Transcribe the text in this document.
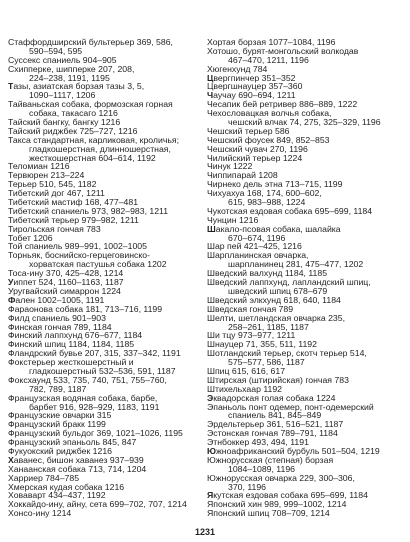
Стаффордширский бультерьер 369, 586,
590–594, 595
Суссекс спаниель 904–905
Схипперке, шипперке 207, 208,
224–238, 1191, 1195
Тазы, азиатская борзая тазы 3, 5,
1090–1117, 1206
Тайваньская собака, формозская горная
собака, такасаго 1216
Тайский бангку, бангку 1216
Тайский риджбек 725–727, 1216
Такса стандартная, карликовая, кроличья;
гладкошерстная, длинношерстная,
жесткошерстная 604–614, 1192
Теломиан 1216
Тервюрен 213–224
Терьер 510, 545, 1182
Тибетский дог 467, 1211
Тибетский мастиф 168, 477–481
Тибетский спаниель 973, 982–983, 1211
Тибетский терьер 979–982, 1211
Тирольская гончая 783
Тобет 1206
Той спаниель 989–991, 1002–1005
Торньяк, боснийско-герцеговинско-
хорватская пастушья собака 1202
Тоса-ину 370, 425–428, 1214
Уиппет 524, 1160–1163, 1187
Уругвайский симаррон 1224
Фален 1002–1005, 1191
Фараонова собака 181, 713–716, 1199
Филд спаниель 901–903
Финская гончая 789, 1184
Финский лаппхунд 676–677, 1184
Финский шпиц 1184, 1184, 1185
Фландрский бувье 207, 315, 337–342, 1191
Фокстерьер жесткошерстный и
гладкошерстный 532–536, 591, 1187
Фоксхаунд 533, 735, 740, 751, 755–760,
782, 789, 1187
Французская водяная собака, барбе,
барбет 916, 928–929, 1183, 1191
Французские овчарки 315
Французский бракк 1199
Французский бульдог 369, 1021–1026, 1195
Французский эпаньоль 845, 847
Фукуокский риджбек 1216
Хаванес, бишон хаванез 937–939
Ханаанская собака 713, 714, 1204
Харриер 784–785
Хмерская кудая собака 1216
Ховаварт 434–437, 1192
Хоккайдо-ину, айну, сета 699–702, 707, 1214
Хонсо-ину 1214
Хортая борзая 1077–1084, 1196
Хотошо, бурят-монгольский волкодав
467–470, 1211, 1196
Хюгенхунд 784
Цвергпинчер 351–352
Цвергшнауцер 357–360
Чаучау 690–694, 1211
Чесапик бей ретривер 886–889, 1222
Чехословацкая волчья собака,
чешский влчак 74, 275, 325–329, 1196
Чешский терьер 586
Чешский фоусек 849, 852–853
Чешский чувач 270, 1196
Чилийский терьер 1224
Чинук 1222
Чиппипарай 1208
Чирнеко дель этна 713–715, 1199
Чихуахуа 168, 174, 600–602,
615, 983–988, 1224
Чукотская ездовая собака 695–699, 1184
Чунцин 1216
Шакало-псовая собака, шалайка
670–674, 1196
Шар пей 421–425, 1216
Шарпланинская овчарка,
шарпланинец 281, 475–477, 1202
Шведский валхунд 1184, 1185
Шведский лаппхунд, лапландский шпиц,
шведский шпиц 678–679
Шведский элкхунд 618, 640, 1184
Шведская гончая 789
Шелти, шетландская овчарка 235,
258–261, 1185, 1187
Ши тцу 973–977, 1211
Шнауцер 71, 355, 511, 1192
Шотландский терьер, скотч терьер 514,
575–577, 586, 1187
Шпиц 615, 616, 617
Штирская (штирийская) гончая 783
Штихельхаар 1192
Эквадорская голая собака 1224
Эпаньоль понт одемер, понт-одемерский
спаниель 841, 845–849
Эрдельтерьер 361, 516–521, 1187
Эстонская гончая 789–791, 1184
Этнбоккер 493, 494, 1191
Южноафриканский бурбуль 501–504, 1219
Южнорусская (степная) борзая
1084–1089, 1196
Южнорусская овчарка 229, 300–306,
370, 1196
Якутская ездовая собака 695–699, 1184
Японский хин 989, 999–1002, 1214
Японский шпиц 708–709, 1214
1231
